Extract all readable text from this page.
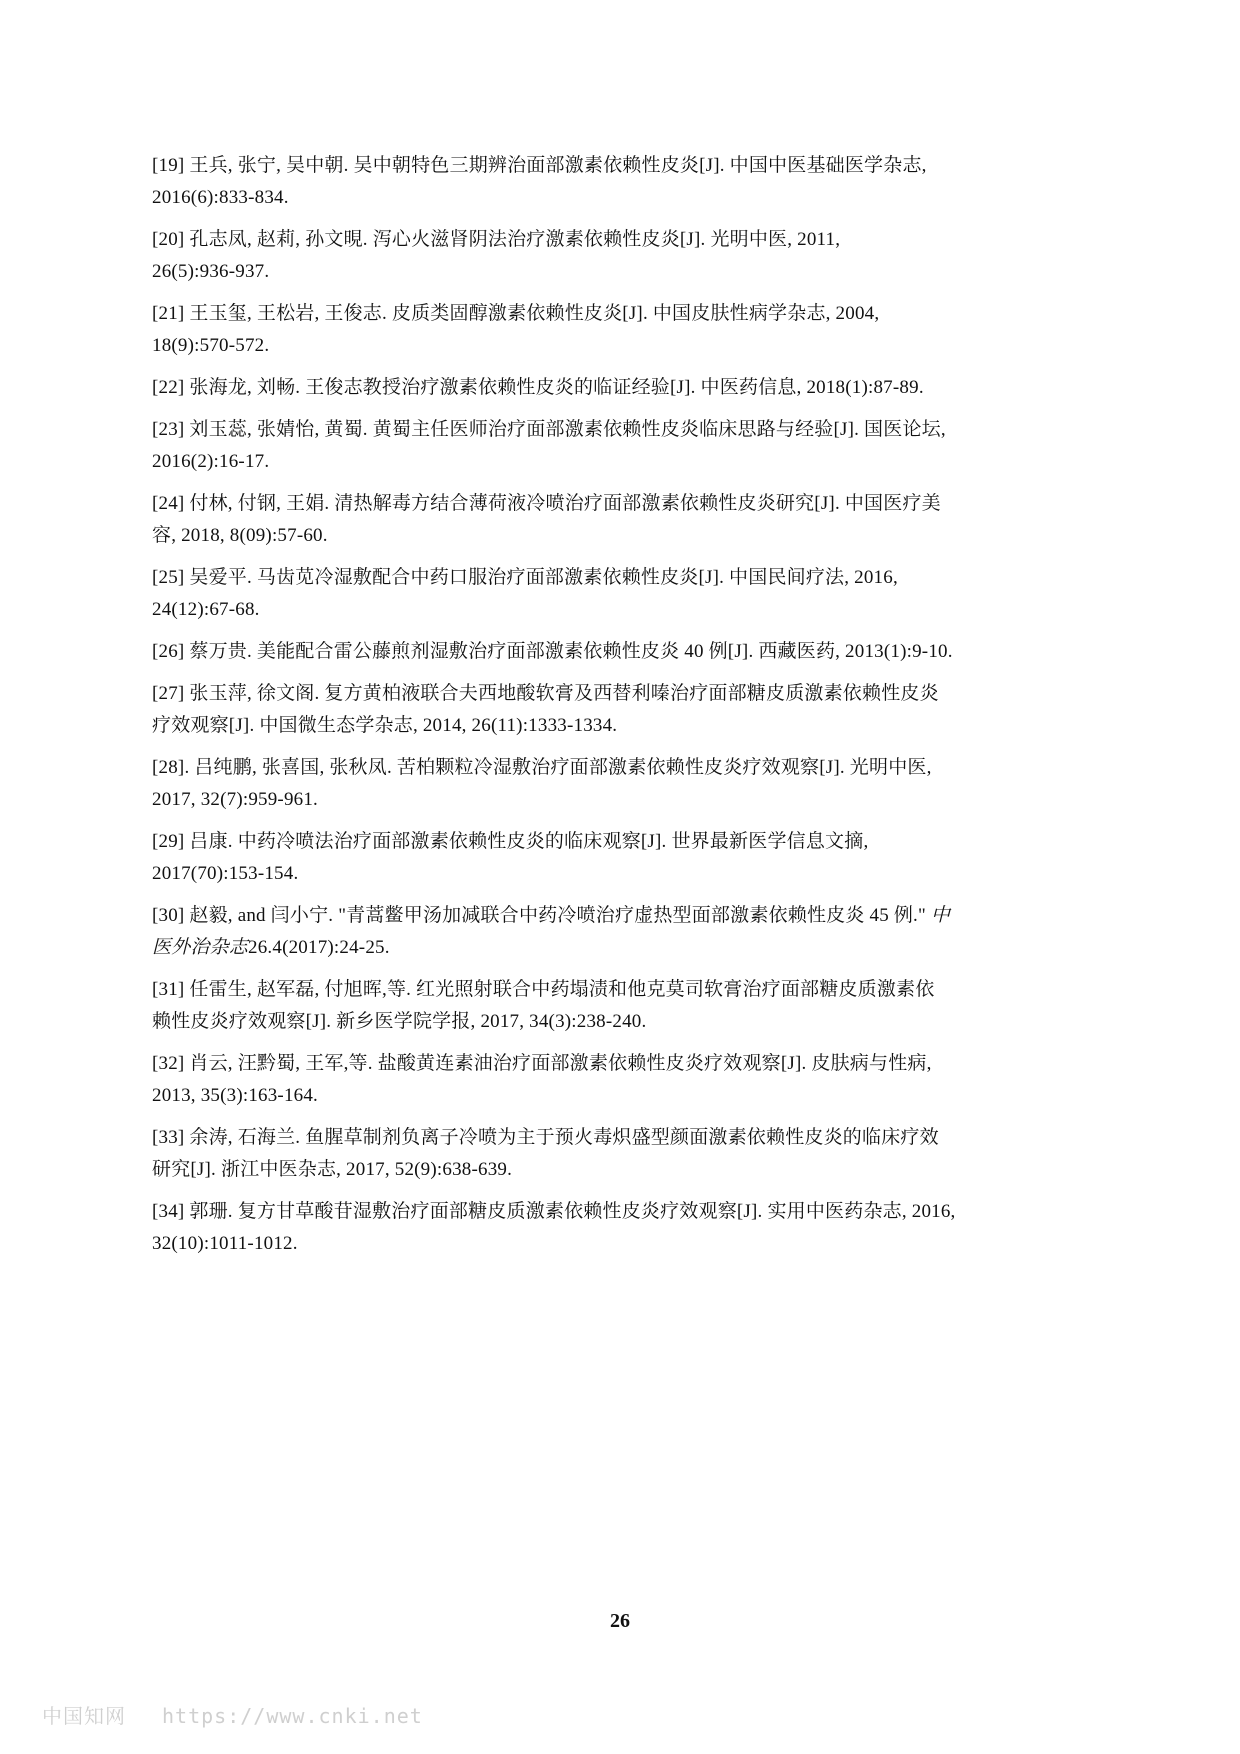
[19] 王兵, 张宁, 吴中朝. 吴中朝特色三期辨治面部激素依赖性皮炎[J]. 中国中医基础医学杂志,
2016(6):833-834.
[20] 孔志凤, 赵莉, 孙文晛. 泻心火滋肾阴法治疗激素依赖性皮炎[J]. 光明中医, 2011,
26(5):936-937.
[21] 王玉玺, 王松岩, 王俊志. 皮质类固醇激素依赖性皮炎[J]. 中国皮肤性病学杂志, 2004,
18(9):570-572.
[22] 张海龙, 刘畅. 王俊志教授治疗激素依赖性皮炎的临证经验[J]. 中医药信息, 2018(1):87-89.
[23] 刘玉蕊, 张婧怡, 黄蜀. 黄蜀主任医师治疗面部激素依赖性皮炎临床思路与经验[J]. 国医论坛,
2016(2):16-17.
[24] 付林, 付钢, 王娟. 清热解毒方结合薄荷液冷喷治疗面部激素依赖性皮炎研究[J]. 中国医疗美
容, 2018, 8(09):57-60.
[25] 吴爱平. 马齿苋冷湿敷配合中药口服治疗面部激素依赖性皮炎[J]. 中国民间疗法, 2016,
24(12):67-68.
[26] 蔡万贵. 美能配合雷公藤煎剂湿敷治疗面部激素依赖性皮炎 40 例[J]. 西藏医药, 2013(1):9-10.
[27] 张玉萍, 徐文阁. 复方黄柏液联合夫西地酸软膏及西替利嗪治疗面部糖皮质激素依赖性皮炎
疗效观察[J]. 中国微生态学杂志, 2014, 26(11):1333-1334.
[28]. 吕纯鹏, 张喜国, 张秋凤. 苦柏颗粒冷湿敷治疗面部激素依赖性皮炎疗效观察[J]. 光明中医,
2017, 32(7):959-961.
[29] 吕康. 中药冷喷法治疗面部激素依赖性皮炎的临床观察[J]. 世界最新医学信息文摘,
2017(70):153-154.
[30] 赵毅, and 闫小宁. "青蒿鳖甲汤加减联合中药冷喷治疗虚热型面部激素依赖性皮炎 45 例." 中
医外治杂志26.4(2017):24-25.
[31] 任雷生, 赵军磊, 付旭晖,等. 红光照射联合中药塌渍和他克莫司软膏治疗面部糖皮质激素依
赖性皮炎疗效观察[J]. 新乡医学院学报, 2017, 34(3):238-240.
[32] 肖云, 汪黔蜀, 王军,等. 盐酸黄连素油治疗面部激素依赖性皮炎疗效观察[J]. 皮肤病与性病,
2013, 35(3):163-164.
[33] 余涛, 石海兰. 鱼腥草制剂负离子冷喷为主于预火毒炽盛型颜面激素依赖性皮炎的临床疗效
研究[J]. 浙江中医杂志, 2017, 52(9):638-639.
[34] 郭珊. 复方甘草酸苷湿敷治疗面部糖皮质激素依赖性皮炎疗效观察[J]. 实用中医药杂志, 2016,
32(10):1011-1012.
26
中国知网 https://www.cnki.net
